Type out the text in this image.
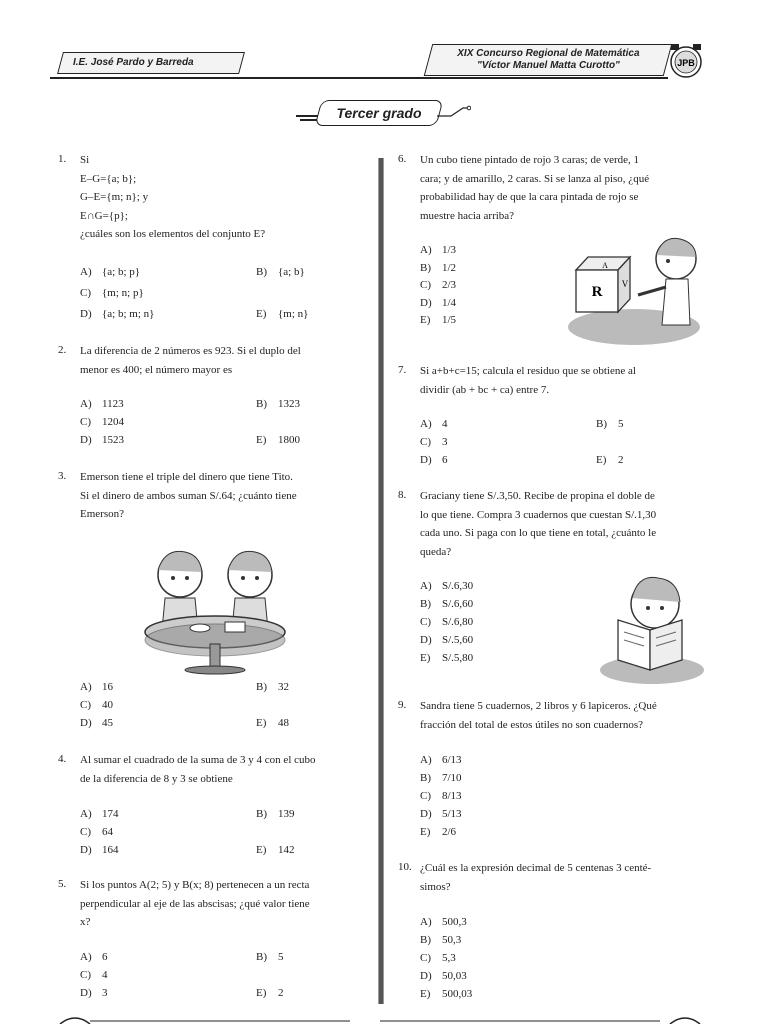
I.E. José Pardo y Barreda
XIX Concurso Regional de Matemática
"Víctor Manuel Matta Curotto"	JPB
Tercer grado
1. Si
E–G={a; b};
G–E={m; n}; y
E∩G={p};
¿cuáles son los elementos del conjunto E?
A) {a; b; p}	B) {a; b}
C) {m; n; p}
D) {a; b; m; n}	E) {m; n}
2. La diferencia de 2 números es 923. Si el duplo del
menor es 400; el número mayor es
A) 1123	B) 1323
C) 1204
D) 1523	E) 1800
3. Emerson tiene el triple del dinero que tiene Tito.
Si el dinero de ambos suman S/.64; ¿cuánto tiene
Emerson?
A) 16	B) 32
C) 40
D) 45	E) 48
4. Al sumar el cuadrado de la suma de 3 y 4 con el cubo
de la diferencia de 8 y 3 se obtiene
A) 174	B) 139
C) 64
D) 164	E) 142
5. Si los puntos A(2; 5) y B(x; 8) pertenecen a un recta
perpendicular al eje de las abscisas; ¿qué valor tiene
x?
A) 6	B) 5
C) 4
D) 3	E) 2
6. Un cubo tiene pintado de rojo 3 caras; de verde, 1
cara; y de amarillo, 2 caras. Si se lanza al piso, ¿qué
probabilidad hay de que la cara pintada de rojo se
muestre hacia arriba?
A) 1/3
B) 1/2
C) 2/3
D) 1/4
E) 1/5
7. Si a+b+c=15; calcula el residuo que se obtiene al
dividir (ab + bc + ca) entre 7.
A) 4	B) 5
C) 3
D) 6	E) 2
8. Graciany tiene S/.3,50. Recibe de propina el doble de
lo que tiene. Compra 3 cuadernos que cuestan S/.1,30
cada uno. Si paga con lo que tiene en total, ¿cuánto le
queda?
A) S/.6,30
B) S/.6,60
C) S/.6,80
D) S/.5,60
E) S/.5,80
9. Sandra tiene 5 cuadernos, 2 libros y 6 lapiceros. ¿Qué
fracción del total de estos útiles no son cuadernos?
A) 6/13
B) 7/10
C) 8/13
D) 5/13
E) 2/6
10. ¿Cuál es la expresión decimal de 5 centenas 3 centé-
simos?
A) 500,3
B) 50,3
C) 5,3
D) 50,03
E) 500,03
R
A
V
